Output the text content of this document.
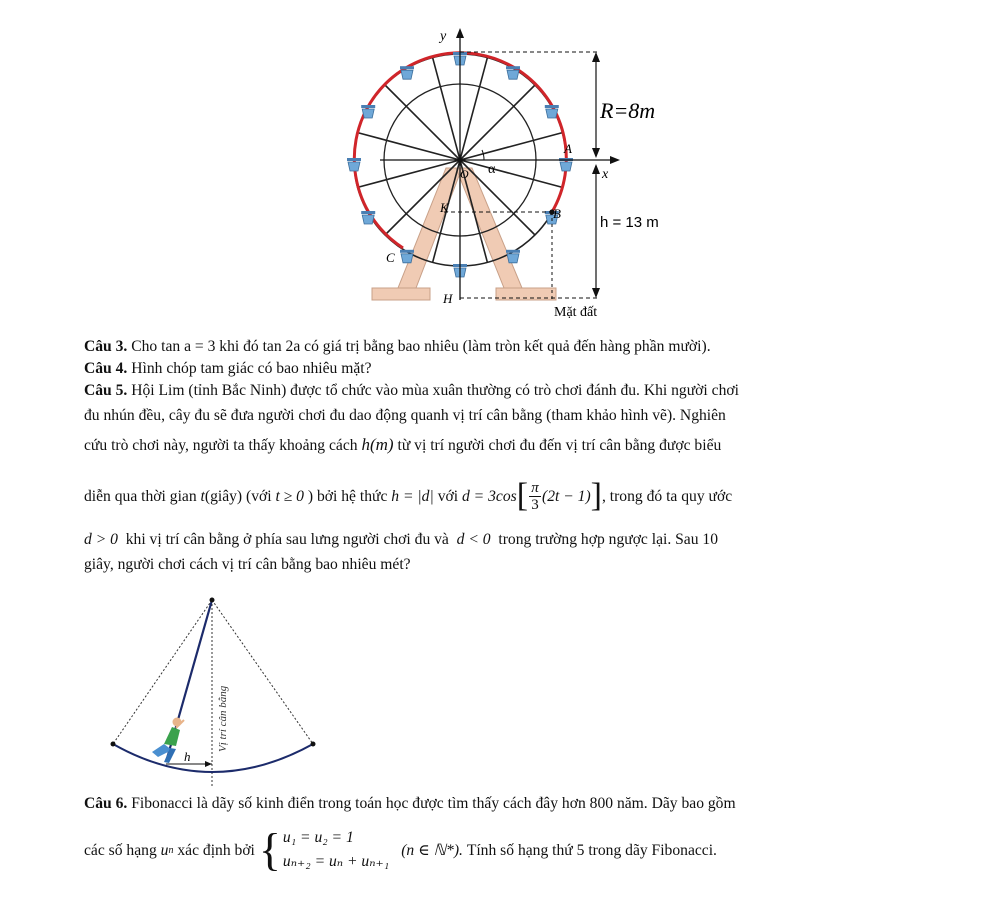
y
x
R=8m
h = 13 m
Mặt đất
A
B
C
K
H
O α

Câu 3. Cho tan a = 3 khi đó tan 2a có giá trị bằng bao nhiêu (làm tròn kết quả đến hàng phần mười).

Câu 4. Hình chóp tam giác có bao nhiêu mặt?

Câu 5. Hội Lim (tỉnh Bắc Ninh) được tổ chức vào mùa xuân thường có trò chơi đánh đu. Khi người chơi

đu nhún đều, cây đu sẽ đưa người chơi đu dao động quanh vị trí cân bằng (tham khảo hình vẽ). Nghiên

cứu trò chơi này, người ta thấy khoảng cách h(m) từ vị trí người chơi đu đến vị trí cân bằng được biểu

diễn qua thời gian
t (giây) (với
t ≥ 0
) bởi hệ thức
h = |d|
với
d = 3cos [ π
3 (2t − 1) ] , trong đó ta quy ước

d > 0 khi vị trí cân bằng ở phía sau lưng người chơi đu và d < 0 trong trường hợp ngược lại. Sau 10

giây, người chơi cách vị trí cân bằng bao nhiêu mét?

h
Vị trí cân bằng

Câu 6. Fibonacci là dãy số kinh điển trong toán học được tìm thấy cách đây hơn 800 năm. Dãy bao gồm

các số hạng
u n
xác định bởi
{ u₁ = u₂ = 1
uₙ₊₂ = uₙ + uₙ₊₁
(n ∈ ℕ*).
Tính số hạng thứ 5 trong dãy Fibonacci.
